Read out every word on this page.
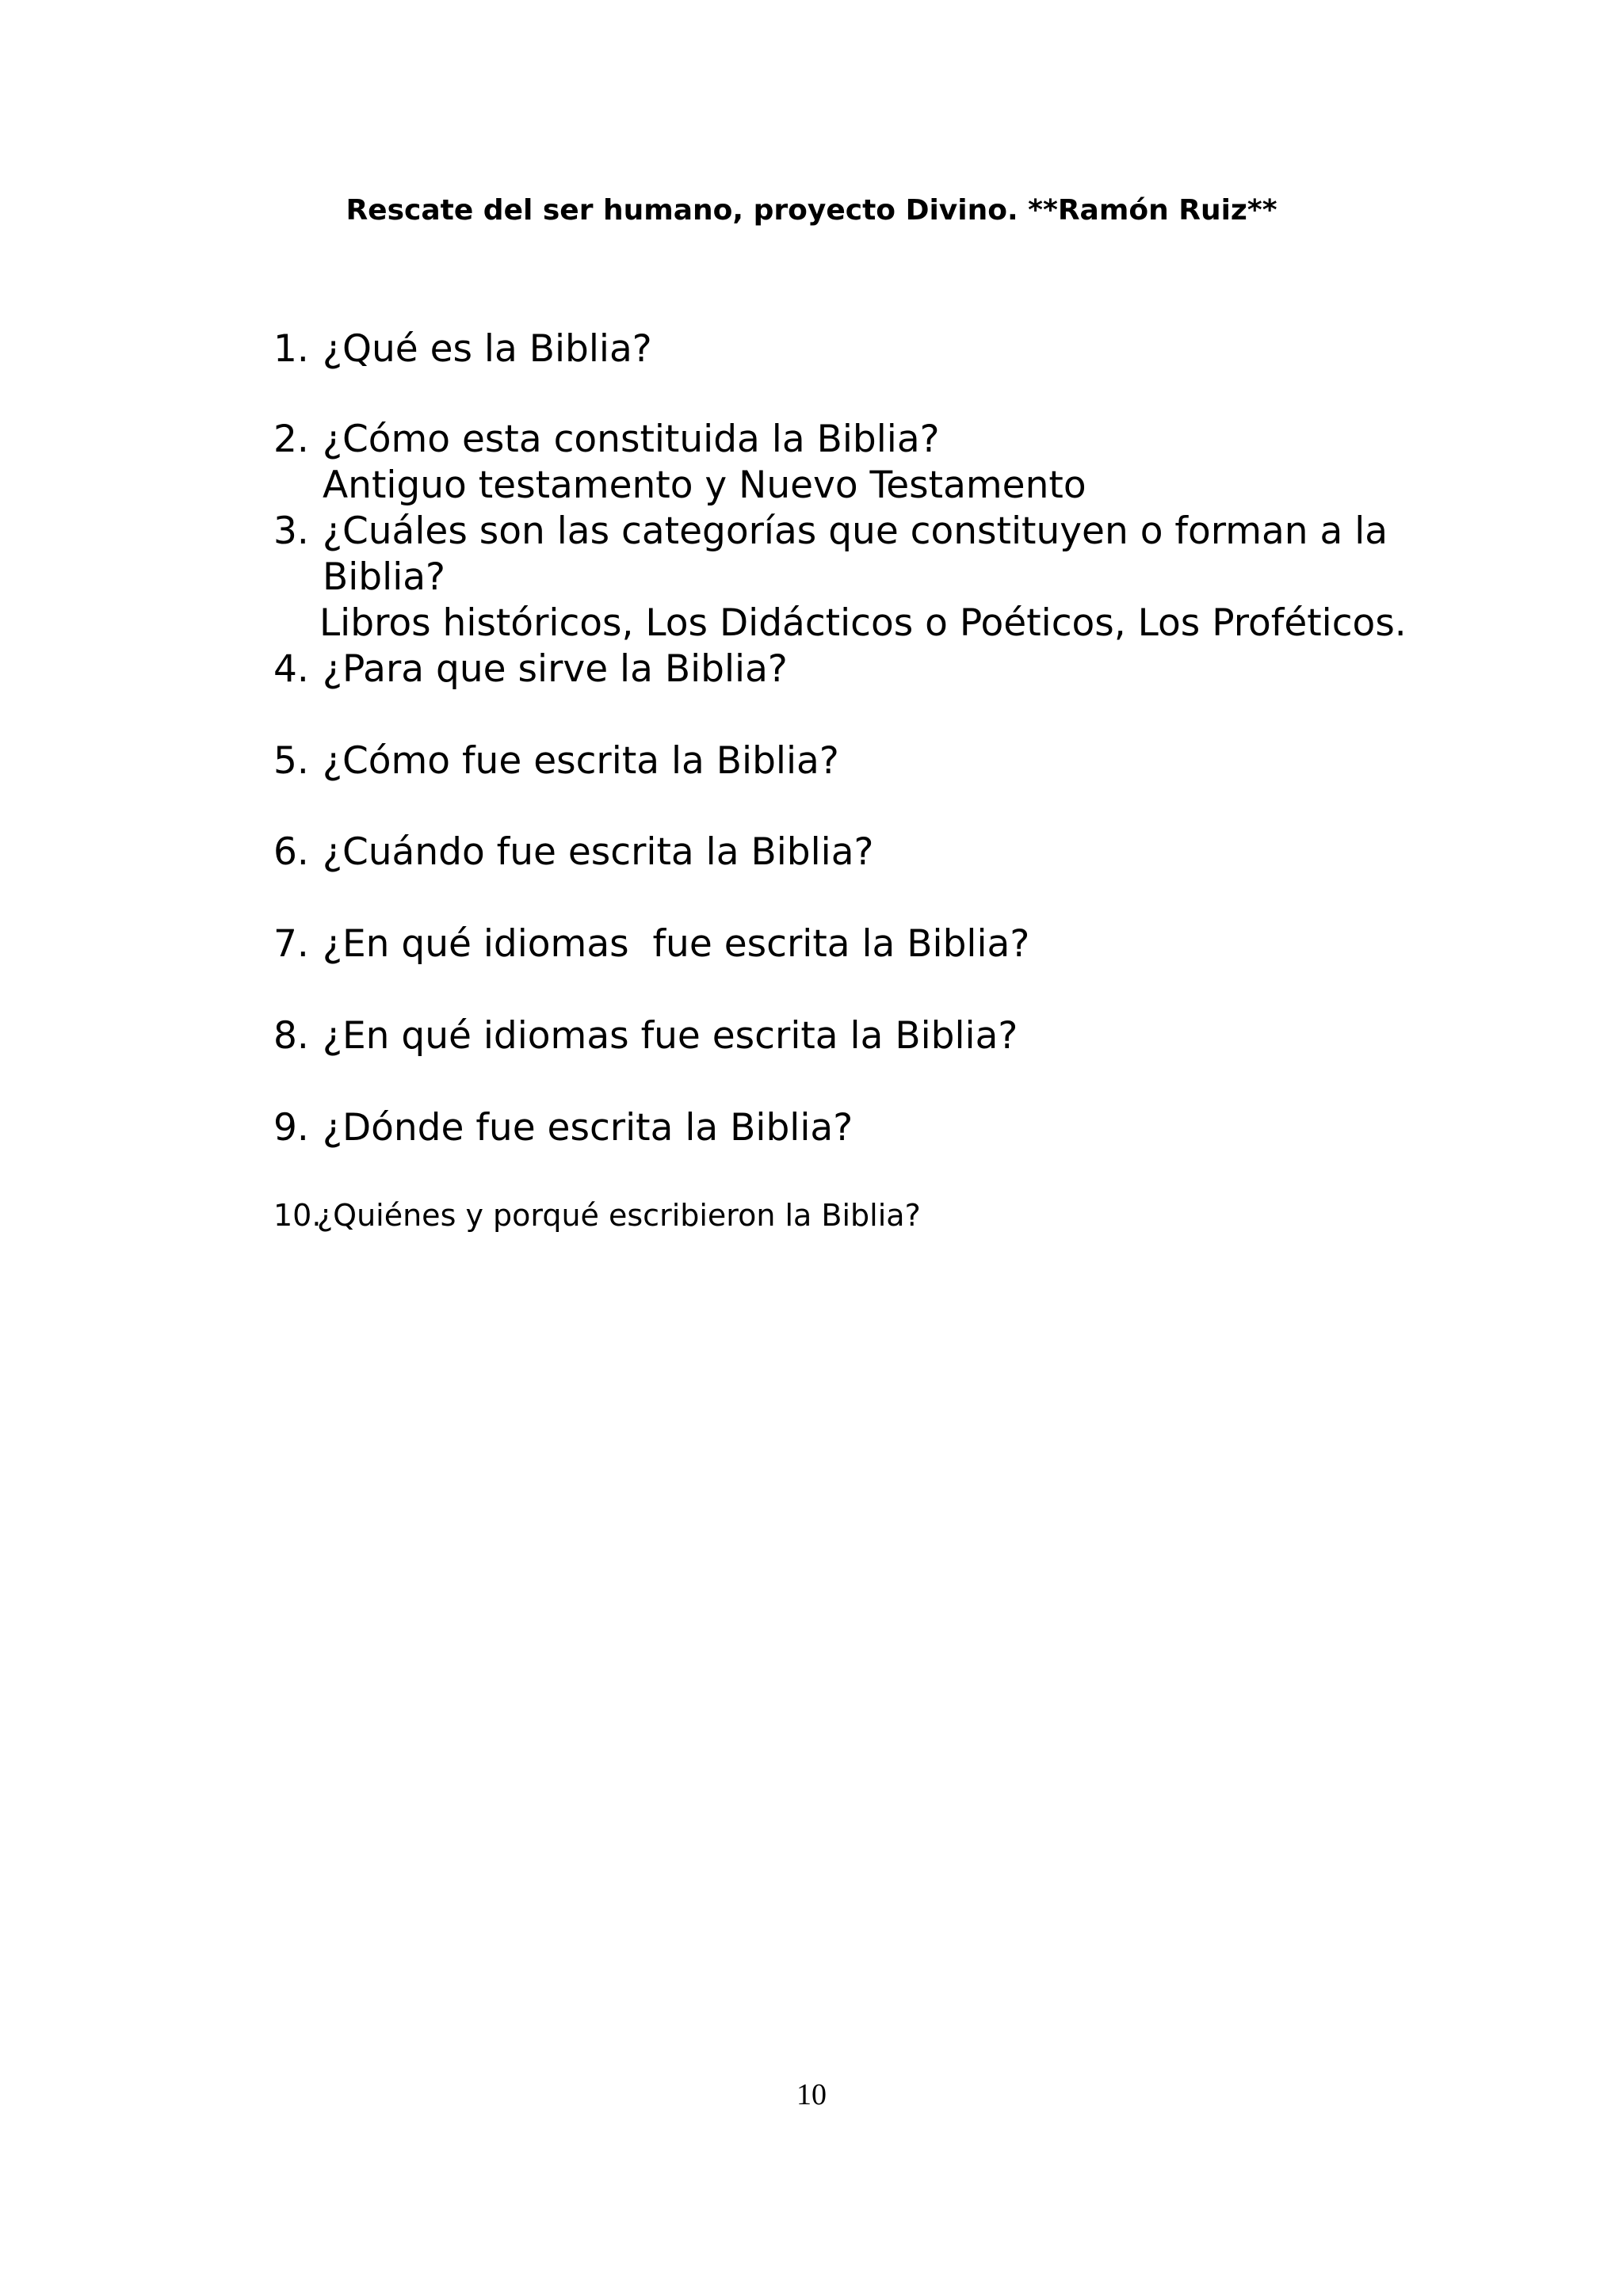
Rescate del ser humano, proyecto Divino. **Ramón Ruiz**

1. ¿Qué es la Biblia?

2. ¿Cómo esta constituida la Biblia?

Antiguo testamento y Nuevo Testamento

3. ¿Cuáles son las categorías que constituyen o forman a la

Biblia?

Libros históricos, Los Didácticos o Poéticos, Los Proféticos.

4. ¿Para que sirve la Biblia?

5. ¿Cómo fue escrita la Biblia?

6. ¿Cuándo fue escrita la Biblia?

7. ¿En qué idiomas  fue escrita la Biblia?

8. ¿En qué idiomas fue escrita la Biblia?

9. ¿Dónde fue escrita la Biblia?

10.¿Quiénes y porqué escribieron la Biblia?

10
